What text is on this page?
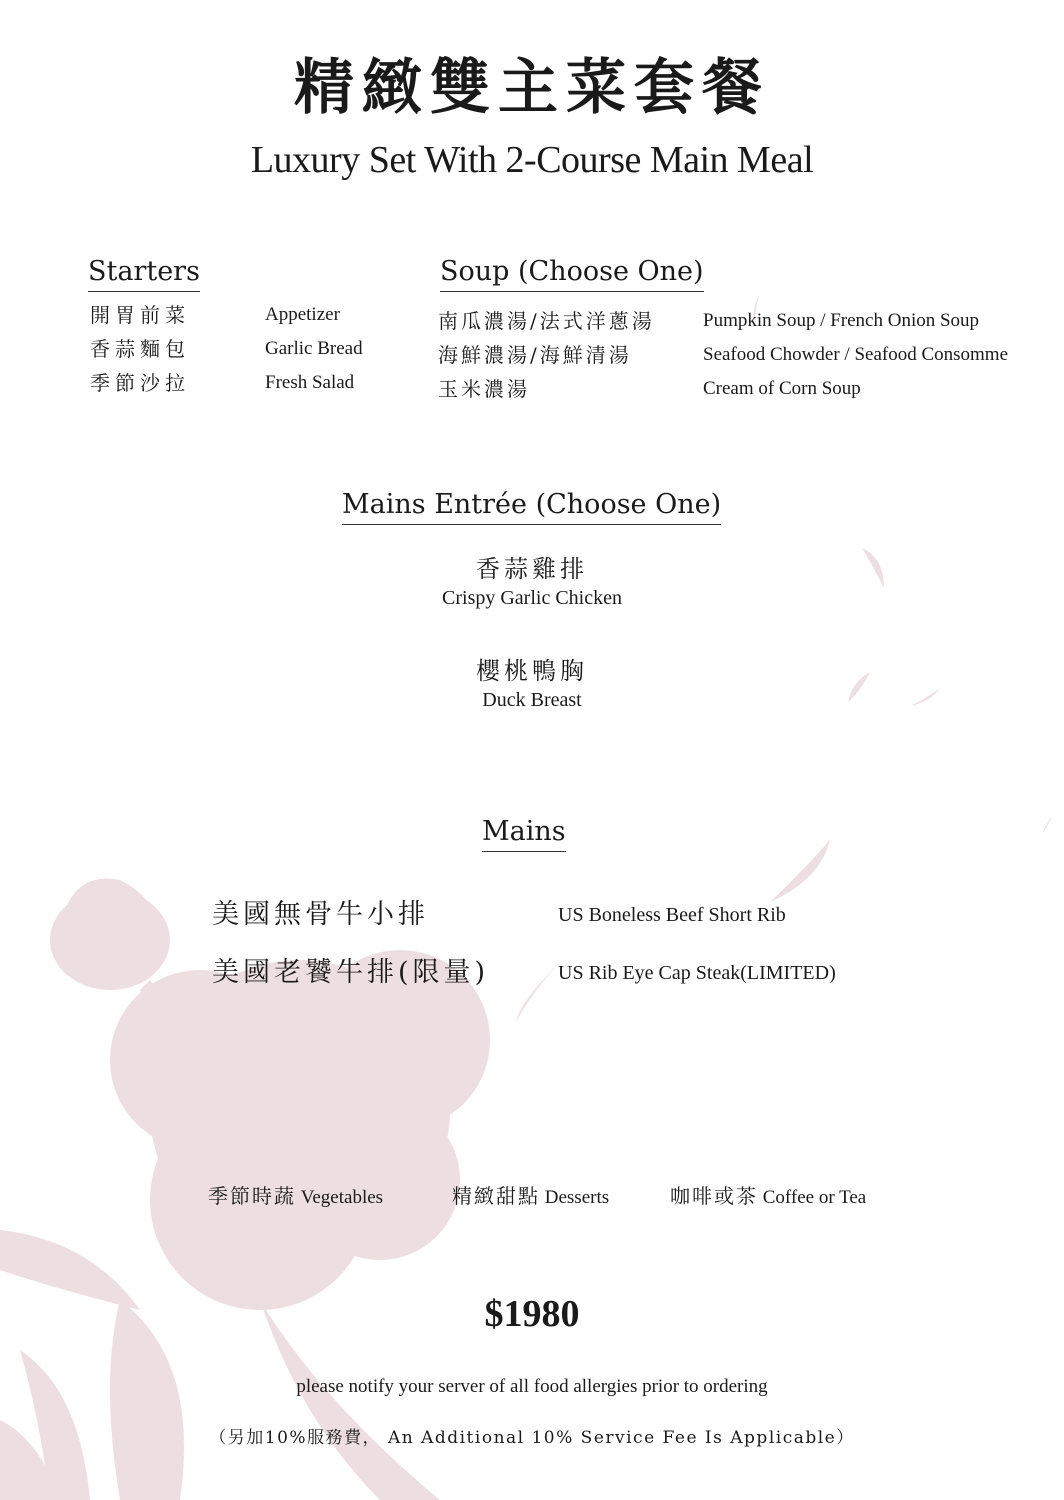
精緻雙主菜套餐
Luxury Set With 2-Course Main Meal
Starters
開胃前菜
香蒜麵包
季節沙拉
Appetizer
Garlic Bread
Fresh Salad
Soup (Choose One)
南瓜濃湯/法式洋蔥湯
海鮮濃湯/海鮮清湯
玉米濃湯
Pumpkin Soup / French Onion Soup
Seafood Chowder / Seafood Consomme
Cream of Corn Soup
Mains Entrée (Choose One)
香蒜雞排
Crispy Garlic Chicken
櫻桃鴨胸
Duck Breast
Mains
美國無骨牛小排
美國老饕牛排(限量)
US Boneless Beef Short Rib
US Rib Eye Cap Steak(LIMITED)
季節時蔬 Vegetables	精緻甜點 Desserts	咖啡或茶 Coffee or Tea
$1980
please notify your server of all food allergies prior to ordering
（另加10%服務費， An Additional 10% Service Fee Is Applicable）
